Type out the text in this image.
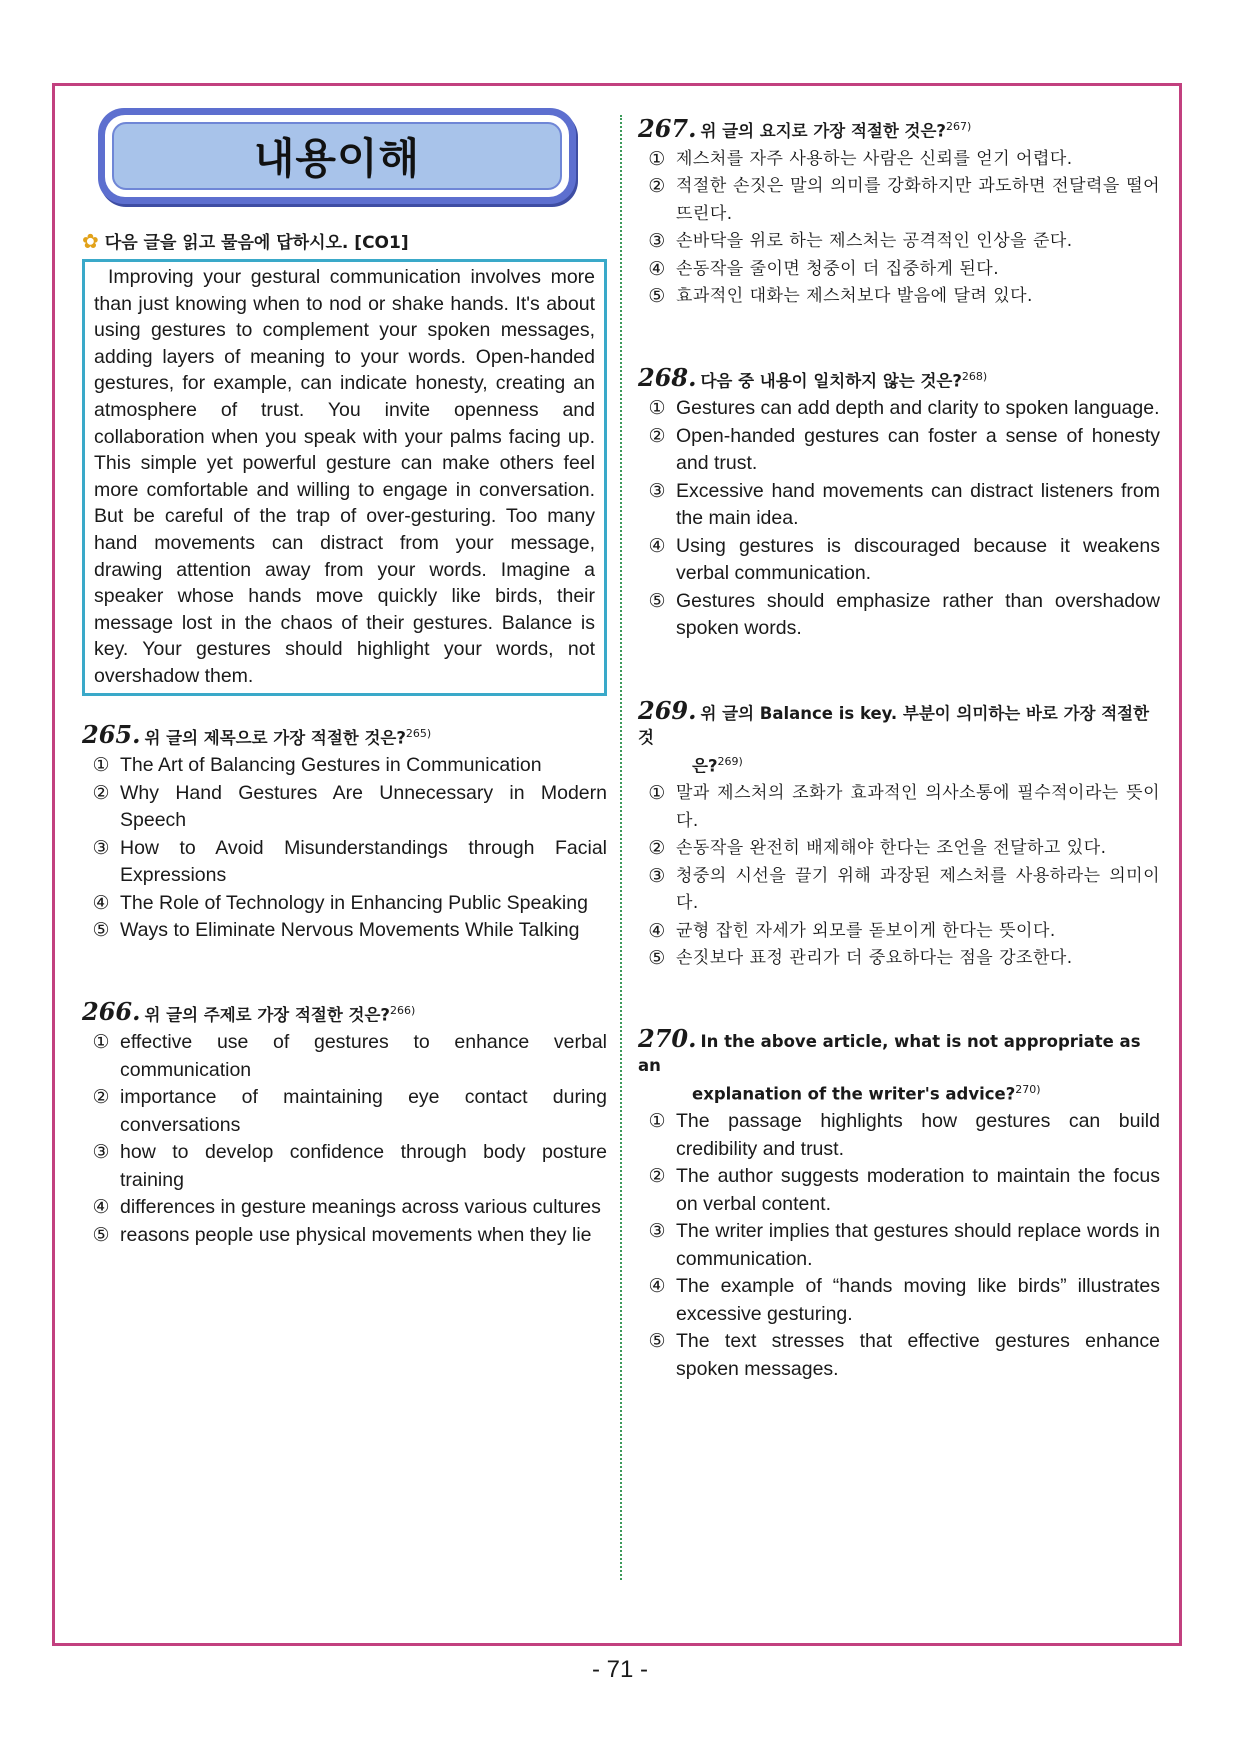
내용이해
✿ 다음 글을 읽고 물음에 답하시오. [CO1]

Improving your gestural communication involves more than just knowing when to nod or shake hands. It's about using gestures to complement your spoken messages, adding layers of meaning to your words. Open-handed gestures, for example, can indicate honesty, creating an atmosphere of trust. You invite openness and collaboration when you speak with your palms facing up. This simple yet powerful gesture can make others feel more comfortable and willing to engage in conversation. But be careful of the trap of over-gesturing. Too many hand movements can distract from your message, drawing attention away from your words. Imagine a speaker whose hands move quickly like birds, their message lost in the chaos of their gestures. Balance is key. Your gestures should highlight your words, not overshadow them.

265. 위 글의 제목으로 가장 적절한 것은?$^{265)}$
① The Art of Balancing Gestures in Communication
② Why Hand Gestures Are Unnecessary in Modern Speech
③ How to Avoid Misunderstandings through Facial Expressions
④ The Role of Technology in Enhancing Public Speaking
⑤ Ways to Eliminate Nervous Movements While Talking
266. 위 글의 주제로 가장 적절한 것은?$^{266)}$
① effective use of gestures to enhance verbal communication
② importance of maintaining eye contact during conversations
③ how to develop confidence through body posture training
④ differences in gesture meanings across various cultures
⑤ reasons people use physical movements when they lie
267. 위 글의 요지로 가장 적절한 것은?$^{267)}$
① 제스처를 자주 사용하는 사람은 신뢰를 얻기 어렵다.
② 적절한 손짓은 말의 의미를 강화하지만 과도하면 전달력을 떨어뜨린다.
③ 손바닥을 위로 하는 제스처는 공격적인 인상을 준다.
④ 손동작을 줄이면 청중이 더 집중하게 된다.
⑤ 효과적인 대화는 제스처보다 발음에 달려 있다.
268. 다음 중 내용이 일치하지 않는 것은?$^{268)}$
① Gestures can add depth and clarity to spoken language.
② Open-handed gestures can foster a sense of honesty and trust.
③ Excessive hand movements can distract listeners from the main idea.
④ Using gestures is discouraged because it weakens verbal communication.
⑤ Gestures should emphasize rather than overshadow spoken words.
269. 위 글의 Balance is key. 부분이 의미하는 바로 가장 적절한 것
은?$^{269)}$
① 말과 제스처의 조화가 효과적인 의사소통에 필수적이라는 뜻이다.
② 손동작을 완전히 배제해야 한다는 조언을 전달하고 있다.
③ 청중의 시선을 끌기 위해 과장된 제스처를 사용하라는 의미이다.
④ 균형 잡힌 자세가 외모를 돋보이게 한다는 뜻이다.
⑤ 손짓보다 표정 관리가 더 중요하다는 점을 강조한다.
270. In the above article, what is not appropriate as an
explanation of the writer's advice?$^{270)}$
① The passage highlights how gestures can build credibility and trust.
② The author suggests moderation to maintain the focus on verbal content.
③ The writer implies that gestures should replace words in communication.
④ The example of “hands moving like birds” illustrates excessive gesturing.
⑤ The text stresses that effective gestures enhance spoken messages.
- 71 -
